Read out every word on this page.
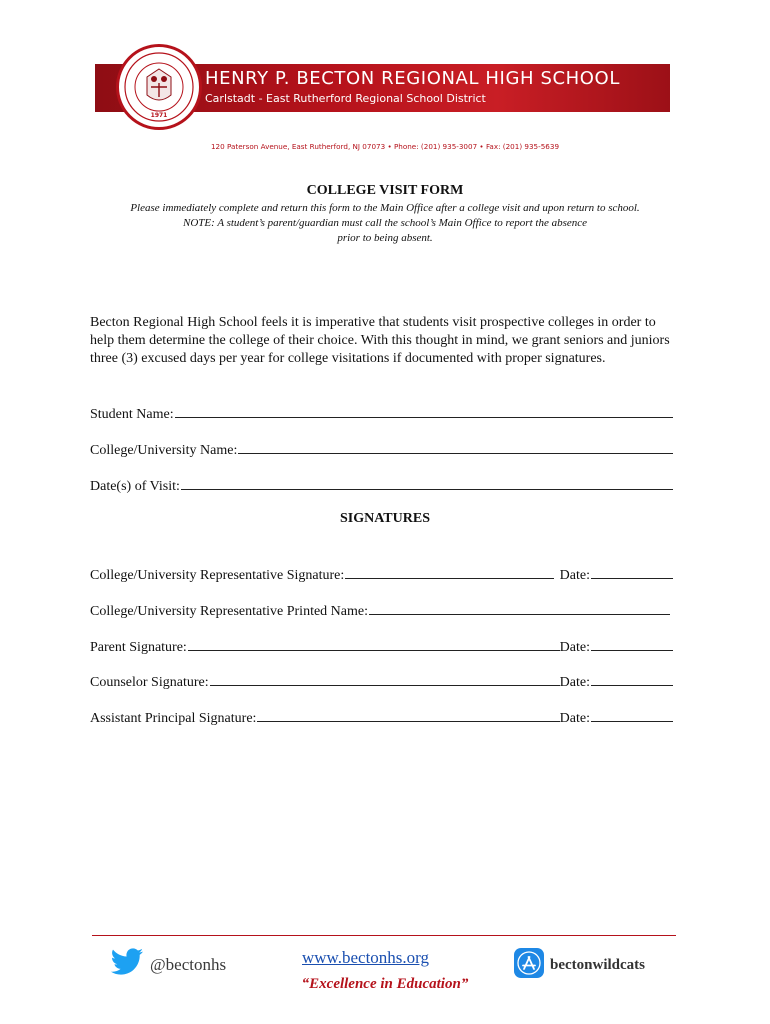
HENRY P. BECTON REGIONAL HIGH SCHOOL
Carlstadt - East Rutherford Regional School District
1971
120 Paterson Avenue, East Rutherford, NJ 07073 • Phone: (201) 935-3007 • Fax: (201) 935-5639
COLLEGE VISIT FORM
Please immediately complete and return this form to the Main Office after a college visit and upon return to school.
NOTE: A student’s parent/guardian must call the school’s Main Office to report the absence
prior to being absent.
Becton Regional High School feels it is imperative that students visit prospective colleges in order to help them determine the college of their choice. With this thought in mind, we grant seniors and juniors three (3) excused days per year for college visitations if documented with proper signatures.
Student Name:
College/University Name:
Date(s) of Visit:
SIGNATURES
College/University Representative Signature:	Date:
College/University Representative Printed Name:
Parent Signature:	Date:
Counselor Signature:	Date:
Assistant Principal Signature:	Date:
@bectonhs	www.bectonhs.org	bectonwildcats
“Excellence in Education”
